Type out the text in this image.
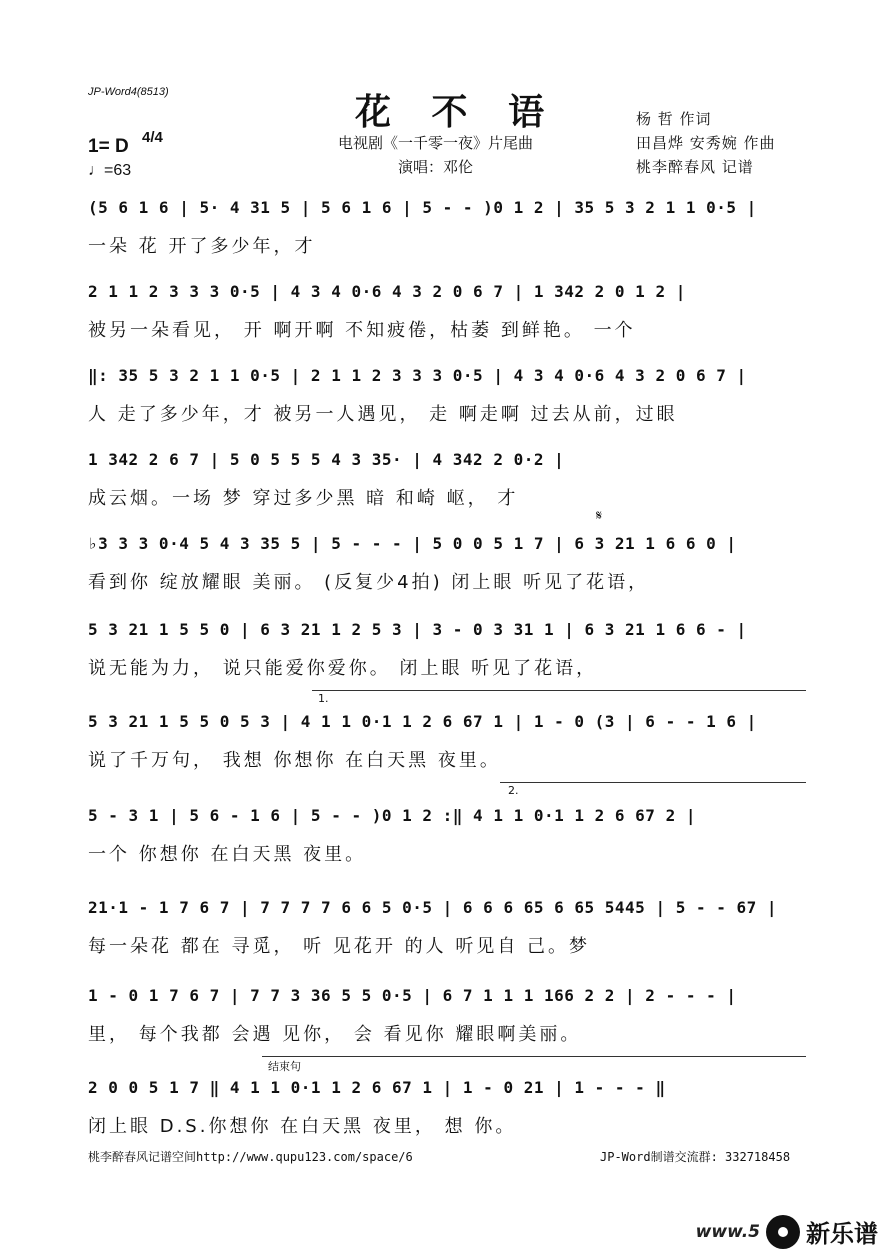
JP-Word4(8513)	花 不 语
电视剧《一千零一夜》片尾曲
演唱：邓伦
杨 哲 作词
田昌烨 安秀婉 作曲
桃李醉春风 记谱
1= D 4/4
♩=63
(5 6 1 6 | 5· 4 31 5 | 5 6 1 6 | 5 - - )0 1 2 | 35 5 3 2 1 1 0·5 |
一朵 花 开了多少年，才
2 1 1 2 3 3 3 0·5 | 4 3 4 0·6 4 3 2 0 6 7 | 1 342 2 0 1 2 |
被另一朵看见， 开 啊开啊 不知疲倦，枯萎 到鲜艳。 一个
‖: 35 5 3 2 1 1 0·5 | 2 1 1 2 3 3 3 0·5 | 4 3 4 0·6 4 3 2 0 6 7 |
人 走了多少年，才 被另一人遇见， 走 啊走啊 过去从前，过眼
1 342 2 6 7 | 5 0 5 5 5 4 3 35· | 4 342 2 0·2 |
成云烟。一场 梦 穿过多少黑 暗 和崎 岖， 才
𝄋
♭3 3 3 0·4 5 4 3 35 5 | 5 - - - | 5 0 0 5 1 7 | 6 3 21 1 6 6 0 |
看到你 绽放耀眼 美丽。 (反复少4拍) 闭上眼 听见了花语，
5 3 21 1 5 5 0 | 6 3 21 1 2 5 3 | 3 - 0 3 31 1 | 6 3 21 1 6 6 - |
说无能为力， 说只能爱你爱你。 闭上眼 听见了花语，
1.
5 3 21 1 5 5 0 5 3 | 4 1 1 0·1 1 2 6 67 1 | 1 - 0 (3 | 6 - - 1 6 |
说了千万句， 我想 你想你 在白天黑 夜里。
2.
5 - 3 1 | 5 6 - 1 6 | 5 - - )0 1 2 :‖ 4 1 1 0·1 1 2 6 67 2 |
一个 你想你 在白天黑 夜里。
21·1 - 1 7 6 7 | 7 7 7 7 6 6 5 0·5 | 6 6 6 65 6 65 5445 | 5 - - 67 |
每一朵花 都在 寻觅， 听 见花开 的人 听见自 己。梦
1 - 0 1 7 6 7 | 7 7 3 36 5 5 0·5 | 6 7 1 1 1 166 2 2 | 2 - - - |
里， 每个我都 会遇 见你， 会 看见你 耀眼啊美丽。
结束句
2 0 0 5 1 7 ‖ 4 1 1 0·1 1 2 6 67 1 | 1 - 0 21 | 1 - - - ‖
闭上眼 D.S.你想你 在白天黑 夜里， 想 你。
桃李醉春风记谱空间http://www.qupu123.com/space/6	JP-Word制谱交流群: 332718458
www.5 新乐谱
